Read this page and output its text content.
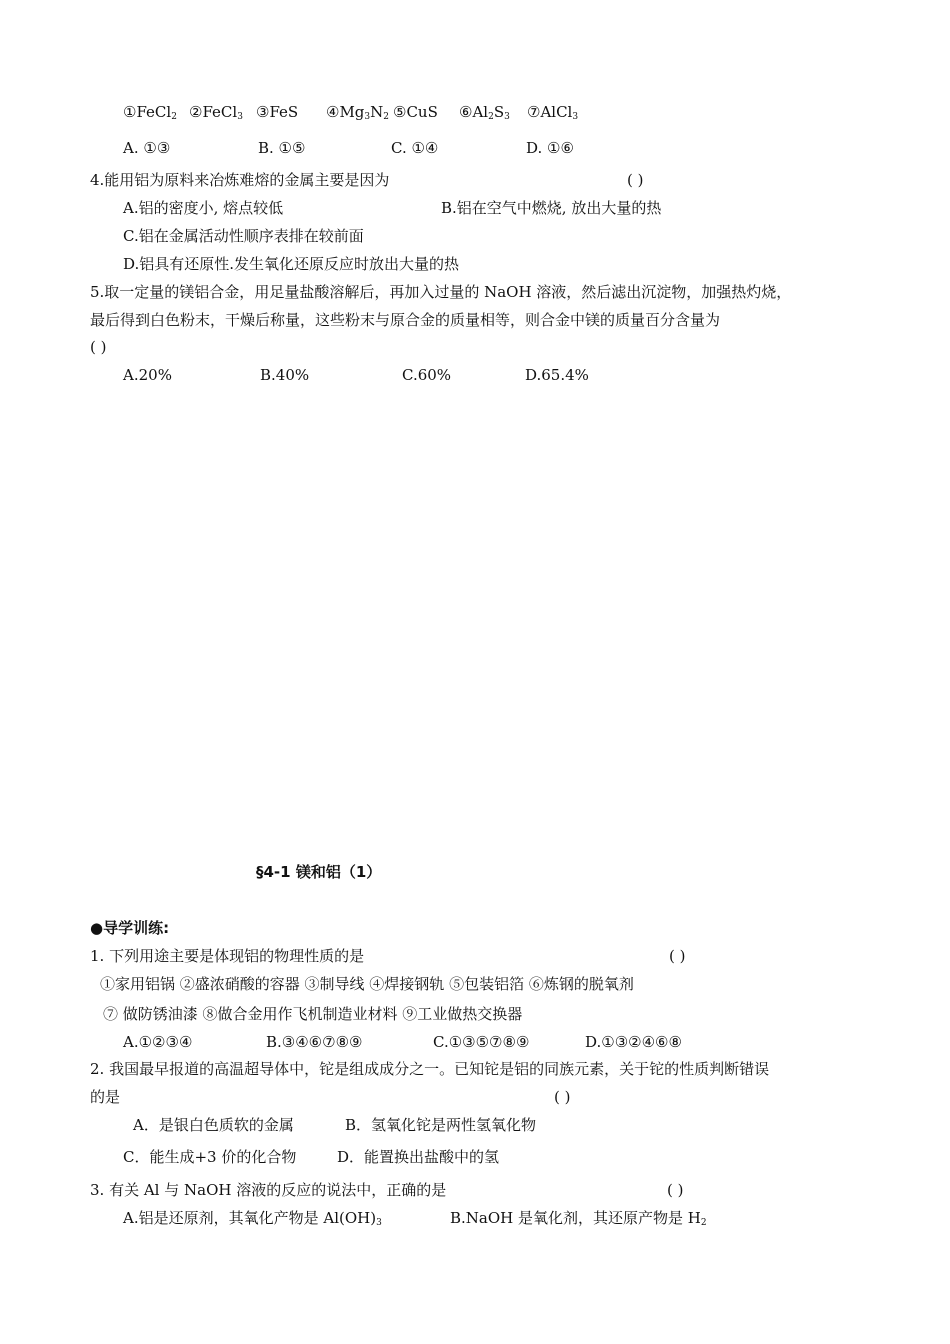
①FeCl$_2$ ②FeCl$_3$ ③FeS $④Mg_3N_2$ ⑤CuS $⑥Al_2S_3$ ⑦AlCl$_3$
A. ①③	B. ①⑤	C. ①④	D. ①⑥
4.能用铝为原料来冶炼难熔的金属主要是因为	( )
A.铝的密度小, 熔点较低	B.铝在空气中燃烧, 放出大量的热
C.铝在金属活动性顺序表排在较前面
D.铝具有还原性.发生氧化还原反应时放出大量的热
5.取一定量的镁铝合金，用足量盐酸溶解后，再加入过量的 NaOH 溶液，然后滤出沉淀物，加强热灼烧，
最后得到白色粉末，干燥后称量，这些粉末与原合金的质量相等，则合金中镁的质量百分含量为
( )
A.20%	B.40%	C.60%	D.65.4%
§4-1 镁和铝（1）
●导学训练:
1. 下列用途主要是体现铝的物理性质的是	( )
①家用铝锅 ②盛浓硝酸的容器 ③制导线 ④焊接钢轨 ⑤包装铝箔 ⑥炼钢的脱氧剂
⑦ 做防锈油漆 ⑧做合金用作飞机制造业材料 ⑨工业做热交换器
A.①②③④	B.③④⑥⑦⑧⑨	C.①③⑤⑦⑧⑨	D.①③②④⑥⑧
2. 我国最早报道的高温超导体中，铊是组成成分之一。已知铊是铝的同族元素，关于铊的性质判断错误
的是	( )
A．是银白色质软的金属	B．氢氧化铊是两性氢氧化物
C．能生成+3 价的化合物	D．能置换出盐酸中的氢
3. 有关 Al 与 NaOH 溶液的反应的说法中，正确的是	( )
A.铝是还原剂，其氧化产物是 $Al(OH)_3$	B.NaOH 是氧化剂，其还原产物是 $H_2$
